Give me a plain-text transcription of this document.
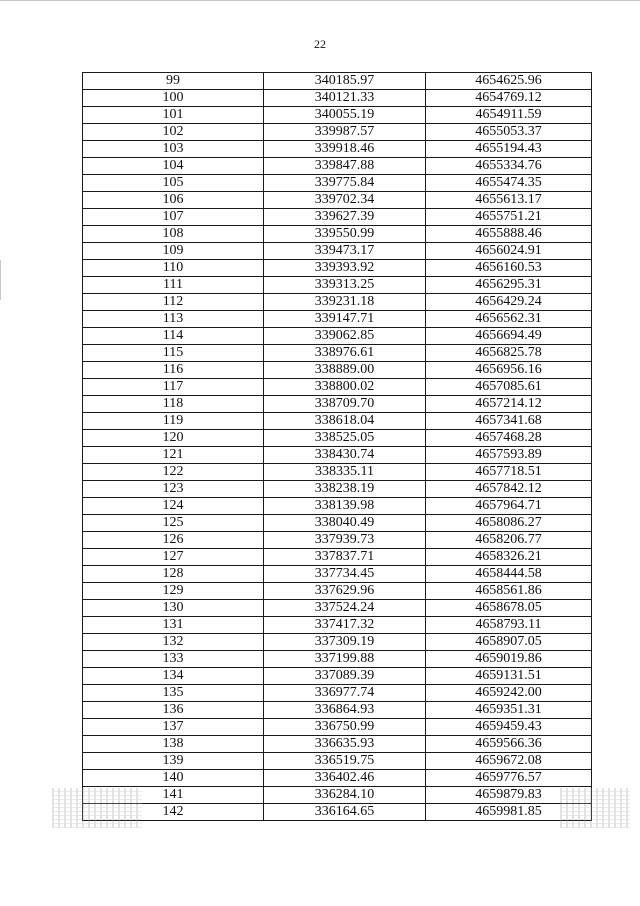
22
99	340185.97	4654625.96
100	340121.33	4654769.12
101	340055.19	4654911.59
102	339987.57	4655053.37
103	339918.46	4655194.43
104	339847.88	4655334.76
105	339775.84	4655474.35
106	339702.34	4655613.17
107	339627.39	4655751.21
108	339550.99	4655888.46
109	339473.17	4656024.91
110	339393.92	4656160.53
111	339313.25	4656295.31
112	339231.18	4656429.24
113	339147.71	4656562.31
114	339062.85	4656694.49
115	338976.61	4656825.78
116	338889.00	4656956.16
117	338800.02	4657085.61
118	338709.70	4657214.12
119	338618.04	4657341.68
120	338525.05	4657468.28
121	338430.74	4657593.89
122	338335.11	4657718.51
123	338238.19	4657842.12
124	338139.98	4657964.71
125	338040.49	4658086.27
126	337939.73	4658206.77
127	337837.71	4658326.21
128	337734.45	4658444.58
129	337629.96	4658561.86
130	337524.24	4658678.05
131	337417.32	4658793.11
132	337309.19	4658907.05
133	337199.88	4659019.86
134	337089.39	4659131.51
135	336977.74	4659242.00
136	336864.93	4659351.31
137	336750.99	4659459.43
138	336635.93	4659566.36
139	336519.75	4659672.08
140	336402.46	4659776.57
141	336284.10	4659879.83
142	336164.65	4659981.85
